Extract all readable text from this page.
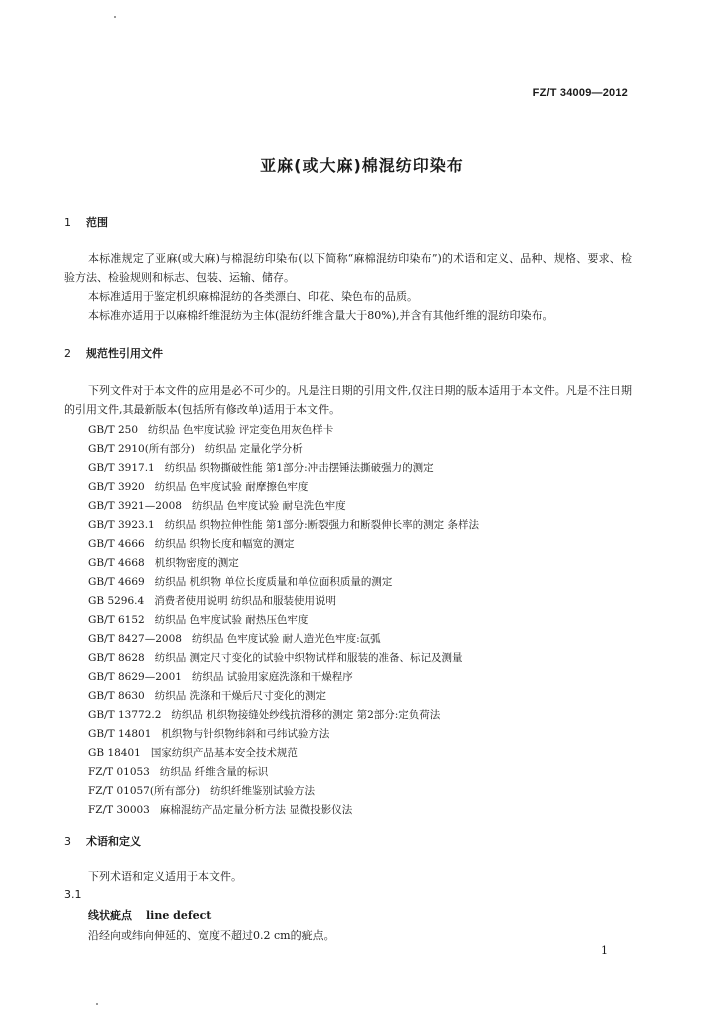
FZ/T 34009—2012
亚麻(或大麻)棉混纺印染布
1 范围
本标准规定了亚麻(或大麻)与棉混纺印染布(以下简称“麻棉混纺印染布”)的术语和定义、品种、规格、要求、检验方法、检验规则和标志、包装、运输、储存。
本标准适用于鉴定机织麻棉混纺的各类漂白、印花、染色布的品质。
本标准亦适用于以麻棉纤维混纺为主体(混纺纤维含量大于80%),并含有其他纤维的混纺印染布。
2 规范性引用文件
下列文件对于本文件的应用是必不可少的。凡是注日期的引用文件,仅注日期的版本适用于本文件。凡是不注日期的引用文件,其最新版本(包括所有修改单)适用于本文件。
GB/T 250 纺织品 色牢度试验 评定变色用灰色样卡
GB/T 2910(所有部分) 纺织品 定量化学分析
GB/T 3917.1 纺织品 织物撕破性能 第1部分:冲击摆锤法撕破强力的测定
GB/T 3920 纺织品 色牢度试验 耐摩擦色牢度
GB/T 3921—2008 纺织品 色牢度试验 耐皂洗色牢度
GB/T 3923.1 纺织品 织物拉伸性能 第1部分:断裂强力和断裂伸长率的测定 条样法
GB/T 4666 纺织品 织物长度和幅宽的测定
GB/T 4668 机织物密度的测定
GB/T 4669 纺织品 机织物 单位长度质量和单位面积质量的测定
GB 5296.4 消费者使用说明 纺织品和服装使用说明
GB/T 6152 纺织品 色牢度试验 耐热压色牢度
GB/T 8427—2008 纺织品 色牢度试验 耐人造光色牢度:氙弧
GB/T 8628 纺织品 测定尺寸变化的试验中织物试样和服装的准备、标记及测量
GB/T 8629—2001 纺织品 试验用家庭洗涤和干燥程序
GB/T 8630 纺织品 洗涤和干燥后尺寸变化的测定
GB/T 13772.2 纺织品 机织物接缝处纱线抗滑移的测定 第2部分:定负荷法
GB/T 14801 机织物与针织物纬斜和弓纬试验方法
GB 18401 国家纺织产品基本安全技术规范
FZ/T 01053 纺织品 纤维含量的标识
FZ/T 01057(所有部分) 纺织纤维鉴别试验方法
FZ/T 30003 麻棉混纺产品定量分析方法 显微投影仪法
3 术语和定义
下列术语和定义适用于本文件。
3.1
线状疵点 line defect
沿经向或纬向伸延的、宽度不超过0.2 cm的疵点。
1
